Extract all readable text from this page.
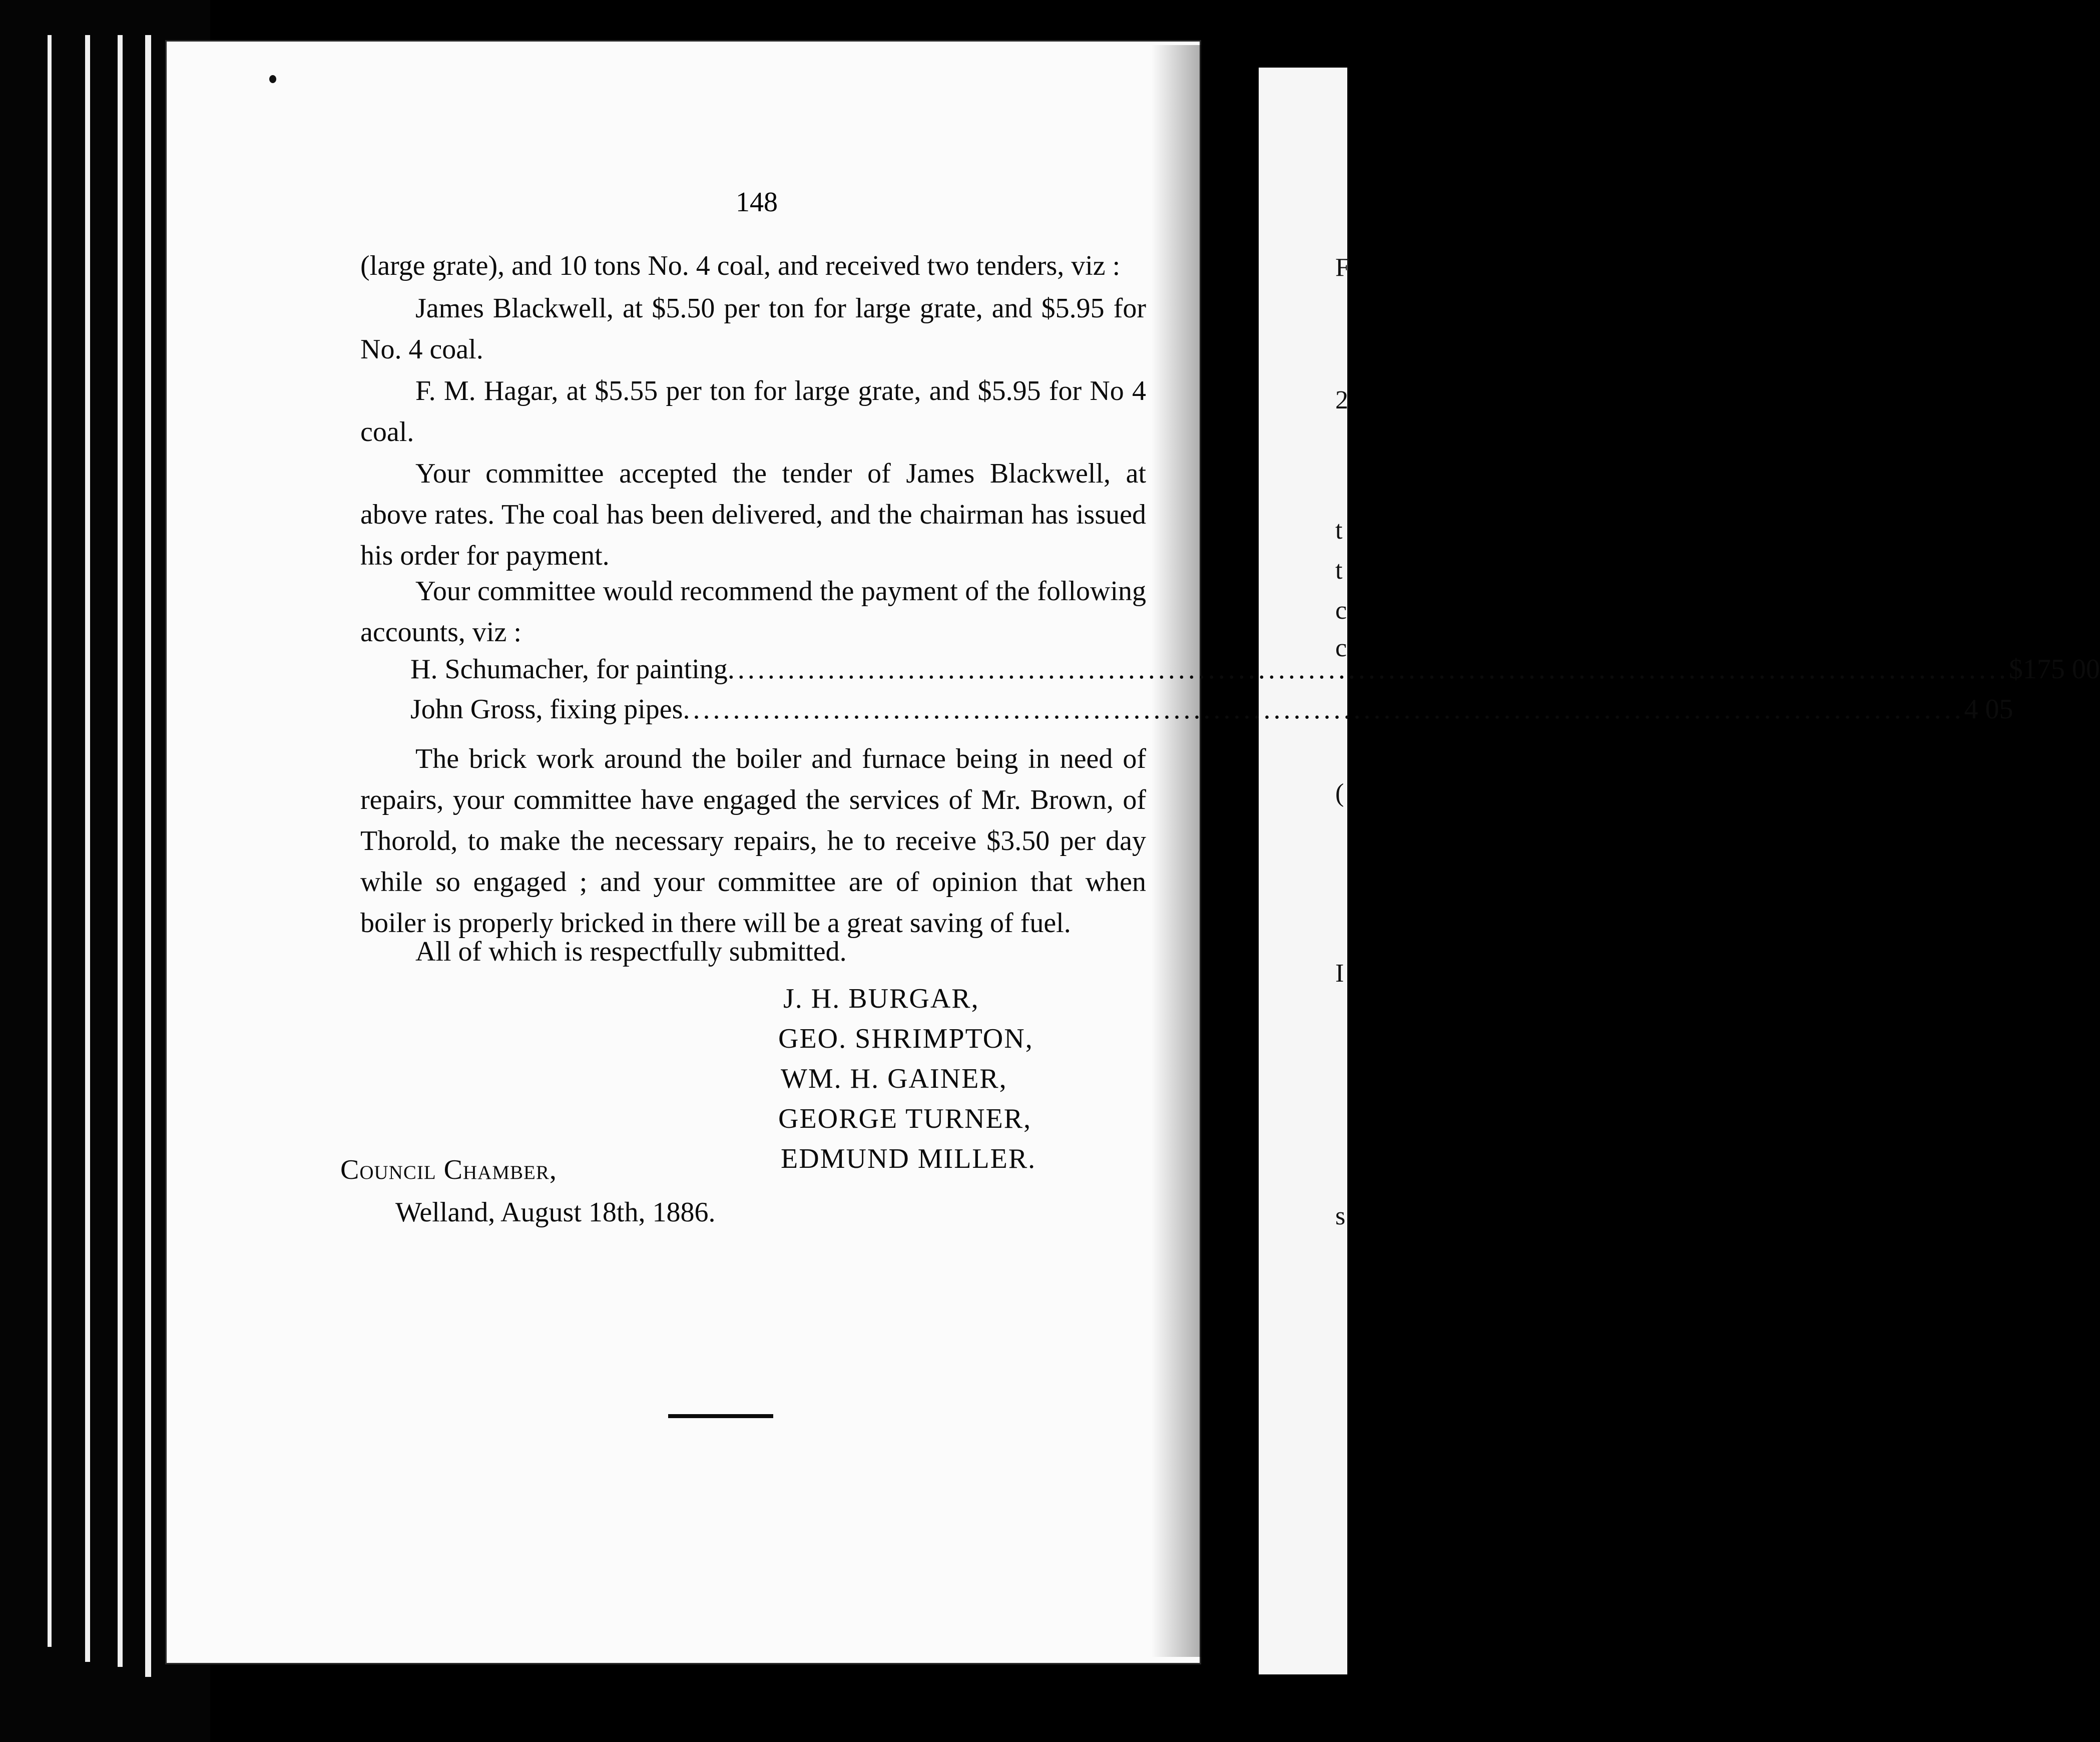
148
(large grate), and 10 tons No. 4 coal, and received two tenders, viz :
James Blackwell, at $5.50 per ton for large grate, and $5.95 for No. 4 coal.
F. M. Hagar, at $5.55 per ton for large grate, and $5.95 for No 4 coal.
Your committee accepted the tender of James Blackwell, at above rates. The coal has been delivered, and the chairman has issued his order for payment.
Your committee would recommend the payment of the following accounts, viz :
H. Schumacher, for painting .....	$175 00
John Gross, fixing pipes .....	4 05
The brick work around the boiler and furnace being in need of repairs, your committee have engaged the services of Mr. Brown, of Thorold, to make the necessary repairs, he to receive $3.50 per day while so engaged ; and your committee are of opinion that when boiler is properly bricked in there will be a great saving of fuel.
All of which is respectfully submitted.
J. H. BURGAR,
GEO. SHRIMPTON,
WM. H. GAINER,
GEORGE TURNER,
EDMUND MILLER.
Council Chamber,
Welland, August 18th, 1886.
F
2
t
t
c
c
(
I
s
